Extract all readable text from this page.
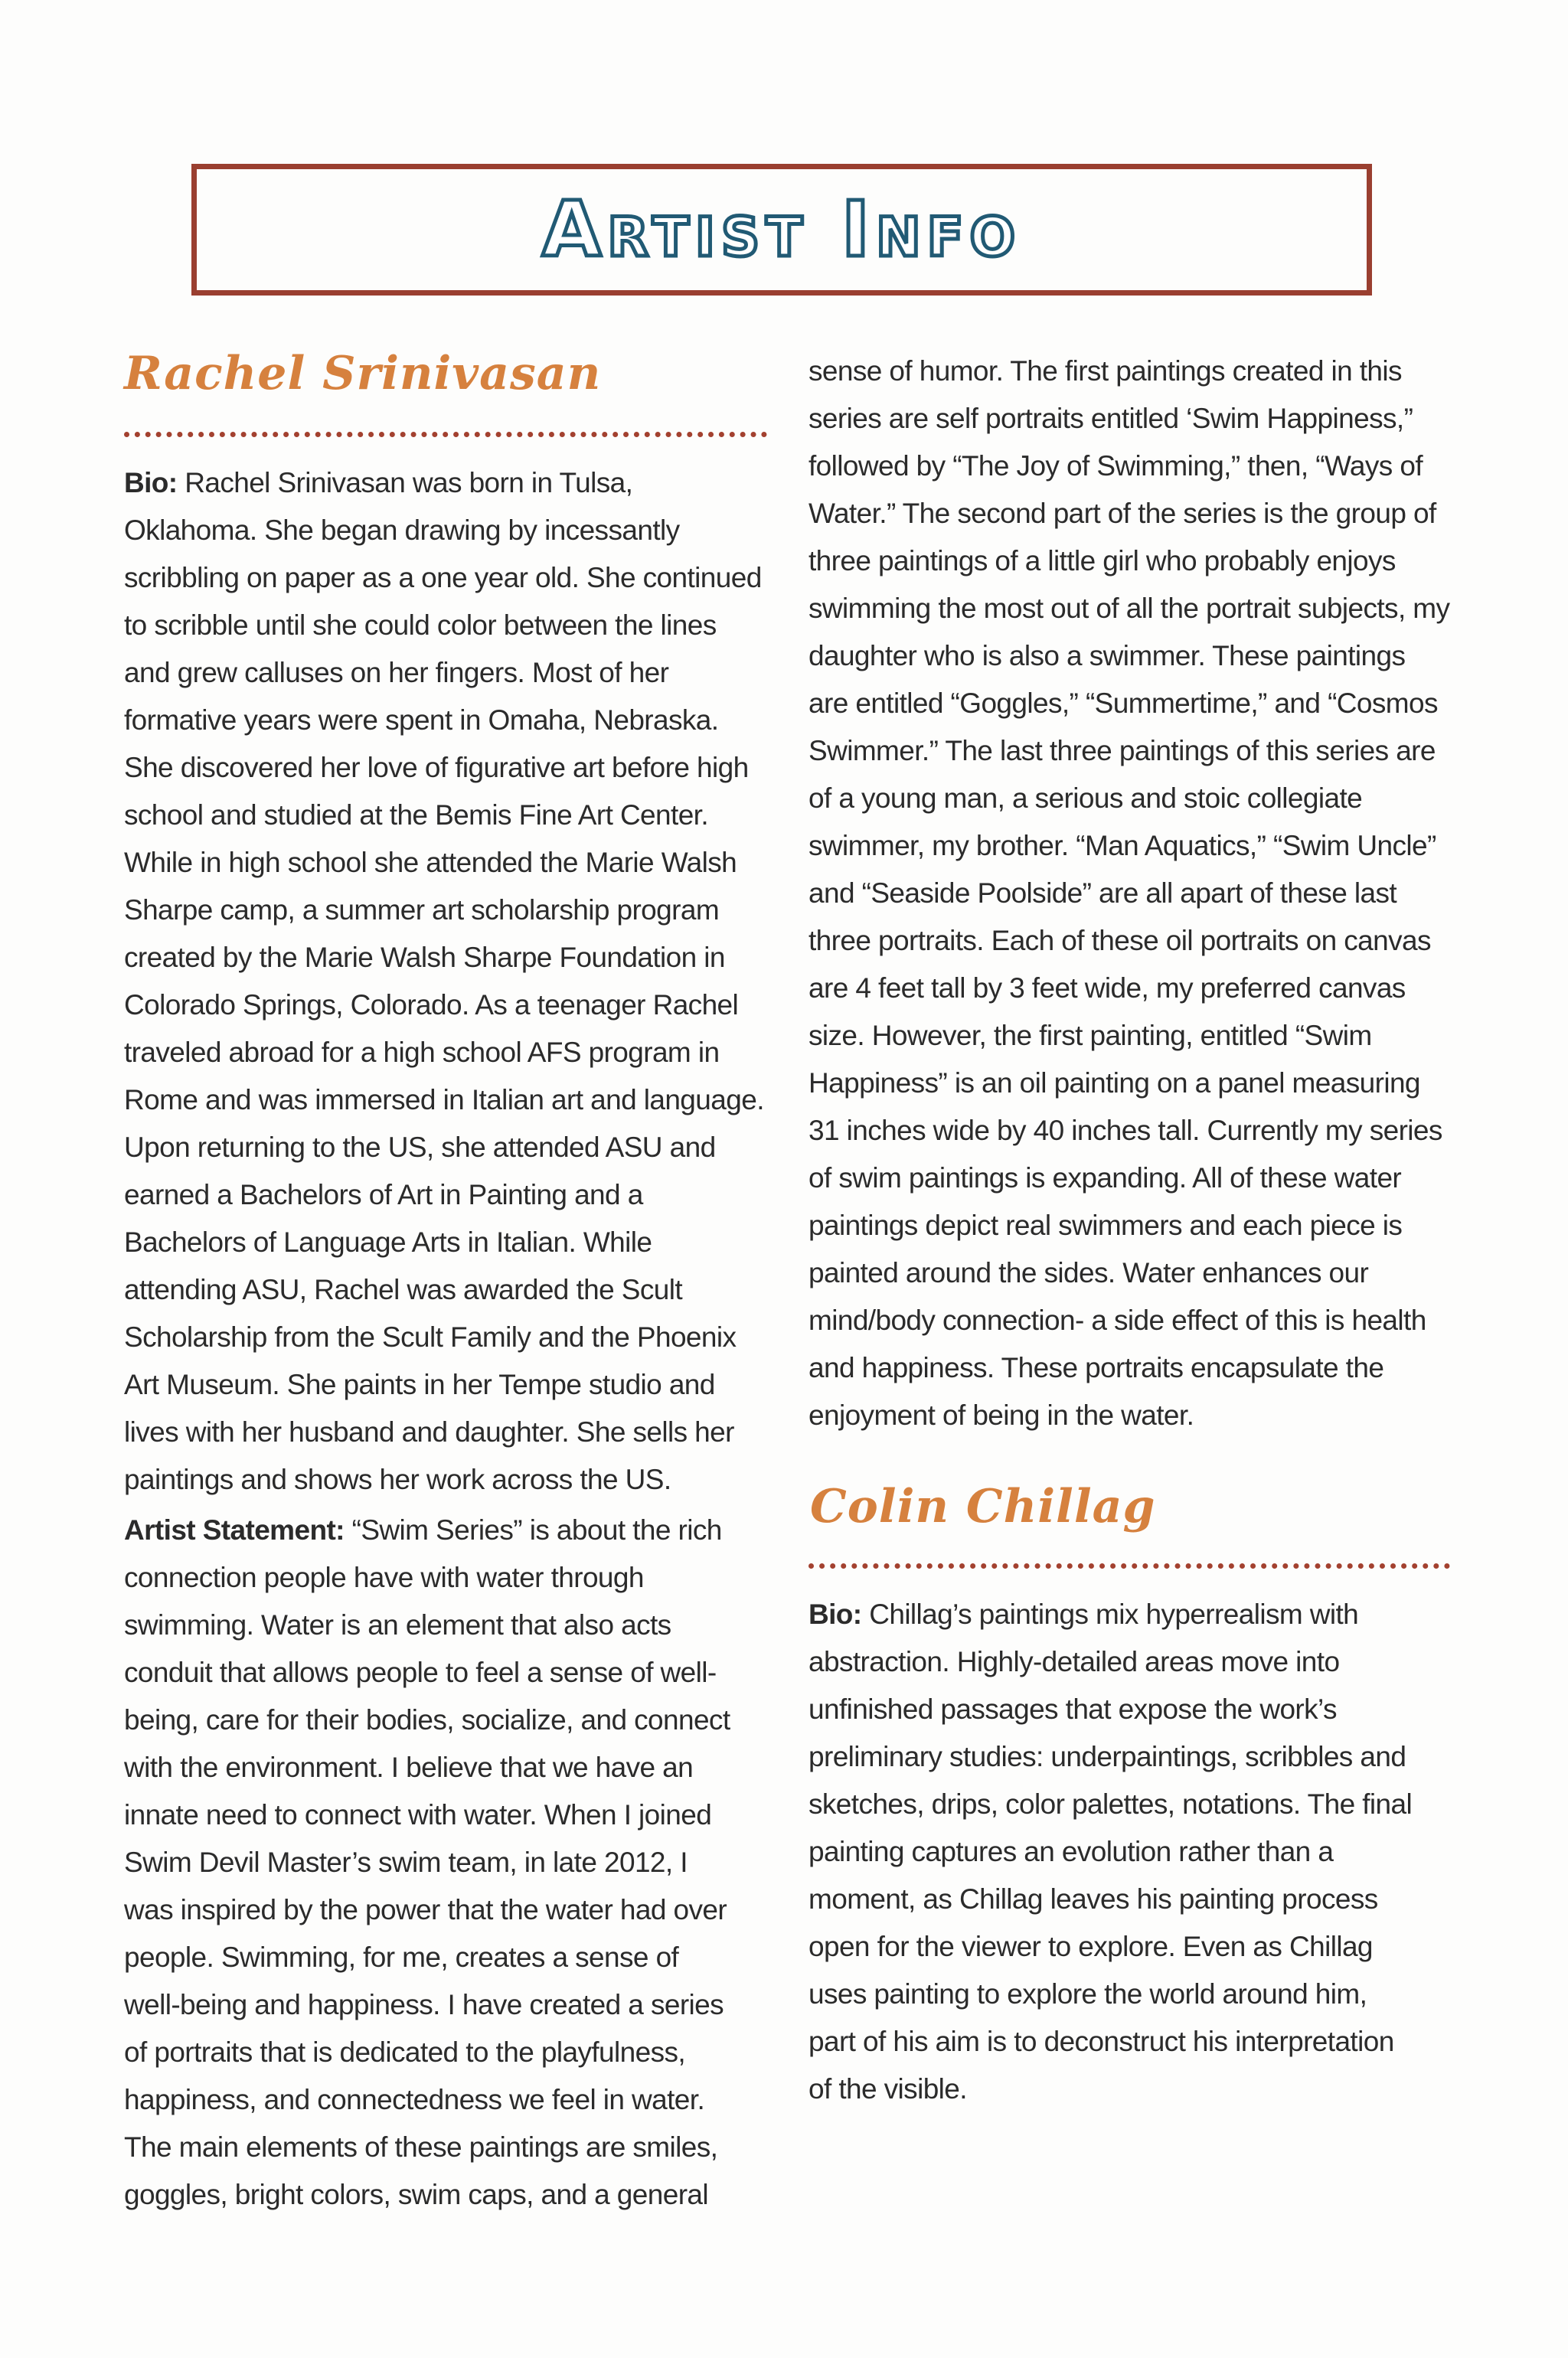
Artist Info
Rachel Srinivasan

Bio: Rachel Srinivasan was born in Tulsa, Oklahoma. She began drawing by incessantly scribbling on paper as a one year old. She continued to scribble until she could color between the lines and grew calluses on her fingers. Most of her formative years were spent in Omaha, Nebraska. She discovered her love of figurative art before high school and studied at the Bemis Fine Art Center. While in high school she attended the Marie Walsh Sharpe camp, a summer art scholarship program created by the Marie Walsh Sharpe Foundation in Colorado Springs, Colorado. As a teenager Rachel traveled abroad for a high school AFS program in Rome and was immersed in Italian art and language. Upon returning to the US, she attended ASU and earned a Bachelors of Art in Painting and a Bachelors of Language Arts in Italian. While attending ASU, Rachel was awarded the Scult Scholarship from the Scult Family and the Phoenix Art Museum. She paints in her Tempe studio and lives with her husband and daughter. She sells her paintings and shows her work across the US.

Artist Statement: “Swim Series” is about the rich connection people have with water through swimming. Water is an element that also acts conduit that allows people to feel a sense of well-being, care for their bodies, socialize, and connect with the environment. I believe that we have an innate need to connect with water. When I joined Swim Devil Master’s swim team, in late 2012, I was inspired by the power that the water had over people. Swimming, for me, creates a sense of well-being and happiness. I have created a series of portraits that is dedicated to the playfulness, happiness, and connectedness we feel in water. The main elements of these paintings are smiles, goggles, bright colors, swim caps, and a general

sense of humor. The first paintings created in this series are self portraits entitled ‘Swim Happiness,” followed by “The Joy of Swimming,” then, “Ways of Water.” The second part of the series is the group of three paintings of a little girl who probably enjoys swimming the most out of all the portrait subjects, my daughter who is also a swimmer. These paintings are entitled “Goggles,” “Summertime,” and “Cosmos Swimmer.” The last three paintings of this series are of a young man, a serious and stoic collegiate swimmer, my brother. “Man Aquatics,” “Swim Uncle” and “Seaside Poolside” are all apart of these last three portraits. Each of these oil portraits on canvas are 4 feet tall by 3 feet wide, my preferred canvas size. However, the first painting, entitled “Swim Happiness” is an oil painting on a panel measuring 31 inches wide by 40 inches tall. Currently my series of swim paintings is expanding. All of these water paintings depict real swimmers and each piece is painted around the sides. Water enhances our mind/body connection- a side effect of this is health and happiness. These portraits encapsulate the enjoyment of being in the water.

Colin Chillag

Bio: Chillag’s paintings mix hyperrealism with abstraction. Highly-detailed areas move into unfinished passages that expose the work’s preliminary studies: underpaintings, scribbles and sketches, drips, color palettes, notations. The final painting captures an evolution rather than a moment, as Chillag leaves his painting process open for the viewer to explore. Even as Chillag uses painting to explore the world around him, part of his aim is to deconstruct his interpretation of the visible.
